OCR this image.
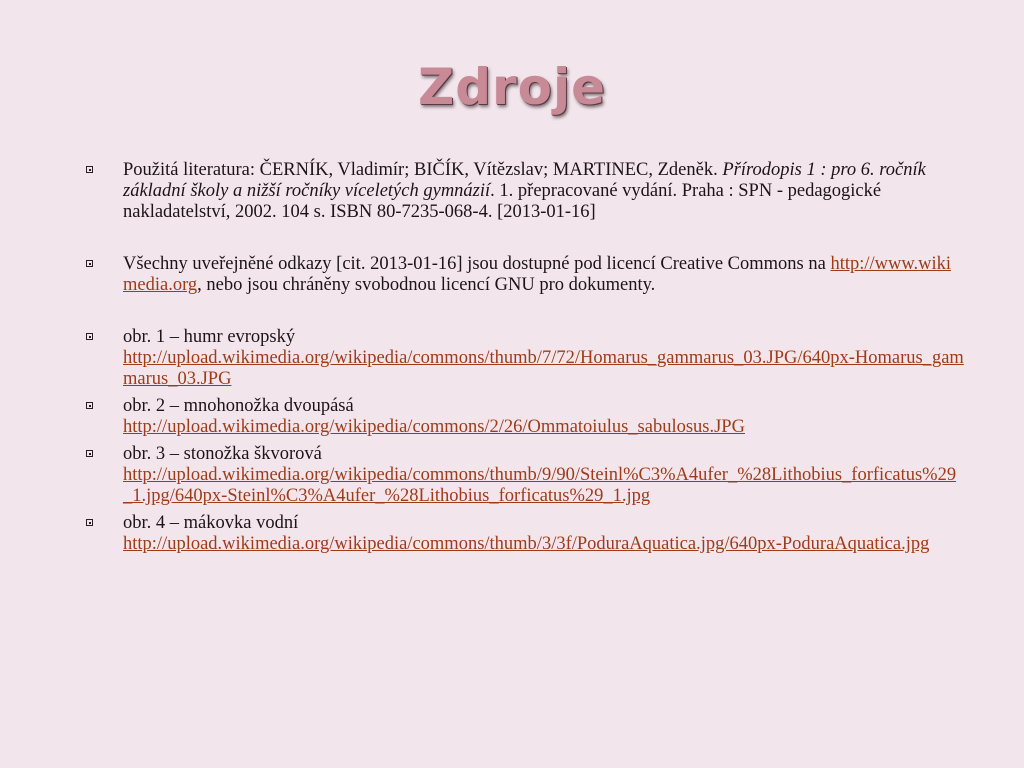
Zdroje
Použitá literatura: ČERNÍK, Vladimír; BIČÍK, Vítězslav; MARTINEC, Zdeněk. Přírodopis 1 : pro 6. ročník základní školy a nižší ročníky víceletých gymnázií. 1. přepracované vydání. Praha : SPN - pedagogické nakladatelství, 2002. 104 s. ISBN 80-7235-068-4. [2013-01-16]
Všechny uveřejněné odkazy [cit. 2013-01-16] jsou dostupné pod licencí Creative Commons na http://www.wikimedia.org, nebo jsou chráněny svobodnou licencí GNU pro dokumenty.
obr. 1 – humr evropský
http://upload.wikimedia.org/wikipedia/commons/thumb/7/72/Homarus_gammarus_03.JPG/640px-Homarus_gammarus_03.JPG
obr. 2 – mnohonožka dvoupásá
http://upload.wikimedia.org/wikipedia/commons/2/26/Ommatoiulus_sabulosus.JPG
obr. 3 – stonožka škvorová
http://upload.wikimedia.org/wikipedia/commons/thumb/9/90/Steinl%C3%A4ufer_%28Lithobius_forficatus%29_1.jpg/640px-Steinl%C3%A4ufer_%28Lithobius_forficatus%29_1.jpg
obr. 4 – mákovka vodní
http://upload.wikimedia.org/wikipedia/commons/thumb/3/3f/PoduraAquatica.jpg/640px-PoduraAquatica.jpg
